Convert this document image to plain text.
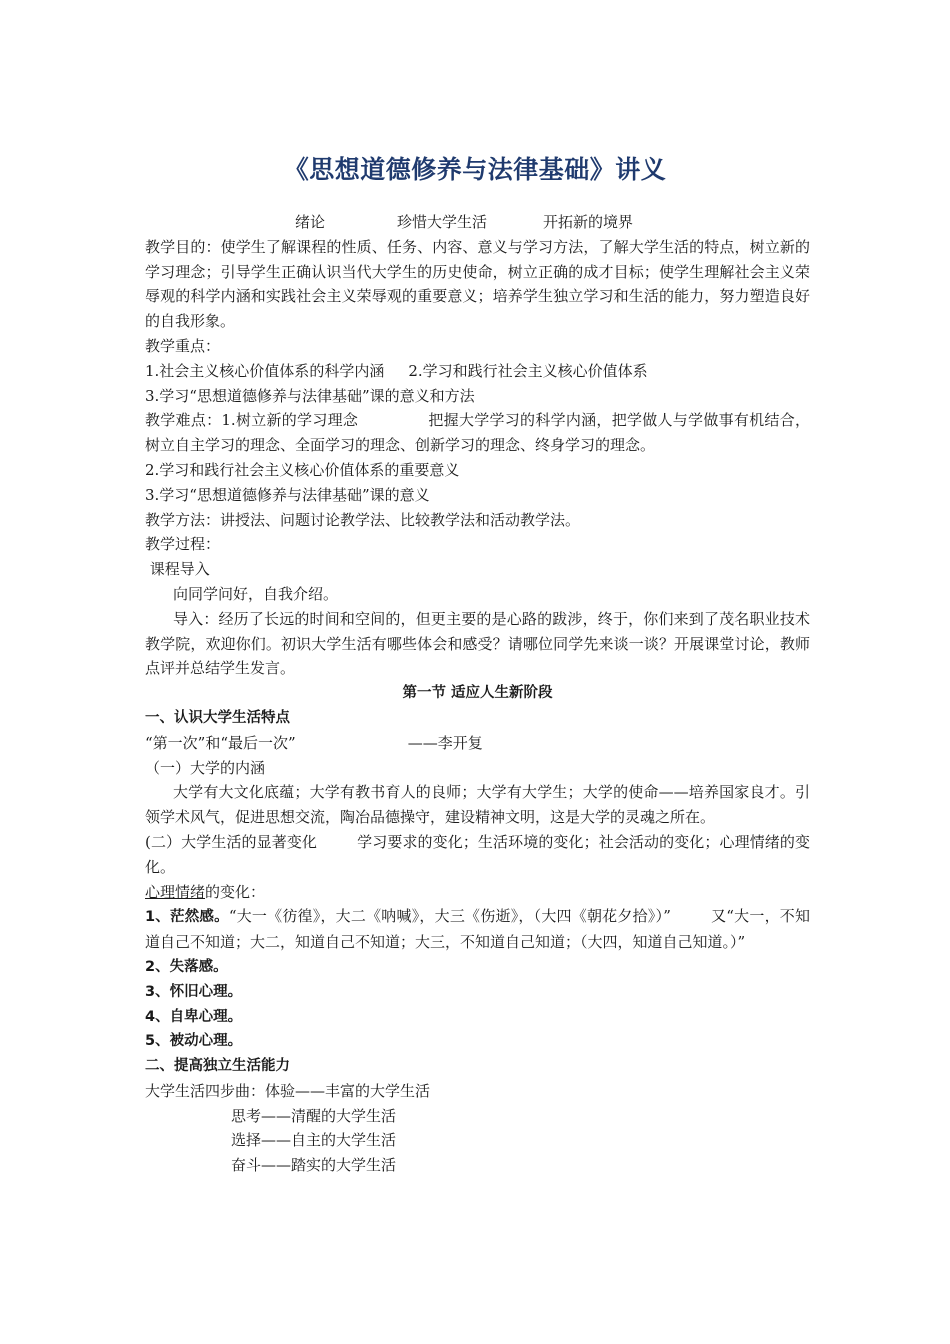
《思想道德修养与法律基础》讲义
绪论	珍惜大学生活	开拓新的境界
教学目的：使学生了解课程的性质、任务、内容、意义与学习方法，了解大学生活的特点，树立新的学习理念；引导学生正确认识当代大学生的历史使命，树立正确的成才目标；使学生理解社会主义荣辱观的科学内涵和实践社会主义荣辱观的重要意义；培养学生独立学习和生活的能力，努力塑造良好的自我形象。
教学重点：
1.社会主义核心价值体系的科学内涵 2.学习和践行社会主义核心价值体系
3.学习“思想道德修养与法律基础”课的意义和方法
教学难点：1.树立新的学习理念	把握大学学习的科学内涵，把学做人与学做事有机结合，树立自主学习的理念、全面学习的理念、创新学习的理念、终身学习的理念。
2.学习和践行社会主义核心价值体系的重要意义
3.学习“思想道德修养与法律基础”课的意义
教学方法：讲授法、问题讨论教学法、比较教学法和活动教学法。
教学过程：
课程导入
向同学问好，自我介绍。
导入：经历了长远的时间和空间的，但更主要的是心路的跋涉，终于，你们来到了茂名职业技术教学院，欢迎你们。初识大学生活有哪些体会和感受？请哪位同学先来谈一谈？开展课堂讨论，教师点评并总结学生发言。
第一节 适应人生新阶段
一、认识大学生活特点
“第一次”和“最后一次”	——李开复
（一）大学的内涵
大学有大文化底蕴；大学有教书育人的良师；大学有大学生；大学的使命——培养国家良才。引领学术风气，促进思想交流，陶冶品德操守，建设精神文明，这是大学的灵魂之所在。
(二）大学生活的显著变化	学习要求的变化；生活环境的变化；社会活动的变化；心理情绪的变化。
心理情绪的变化：
1、茫然感。“大一《彷徨》，大二《呐喊》，大三《伤逝》，（大四《朝花夕拾》）”	又“大一，不知道自己不知道；大二，知道自己不知道；大三，不知道自己知道；（大四，知道自己知道。）”
2、失落感。
3、怀旧心理。
4、自卑心理。
5、被动心理。
二、提高独立生活能力
大学生活四步曲：体验——丰富的大学生活
思考——清醒的大学生活
选择——自主的大学生活
奋斗——踏实的大学生活
